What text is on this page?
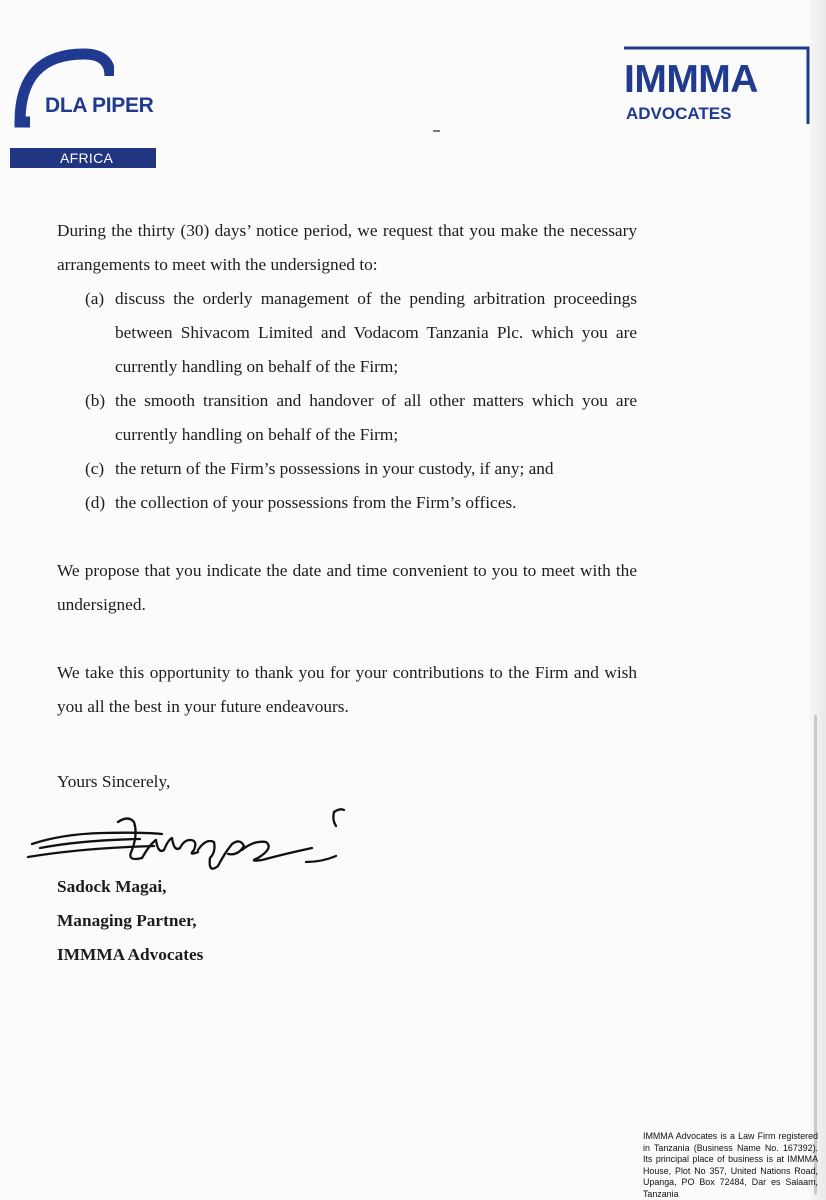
DLA PIPER
AFRICA
IMMMA
ADVOCATES

During the thirty (30) days’ notice period, we request that you make the necessary arrangements to meet with the undersigned to:

(a) discuss the orderly management of the pending arbitration proceedings between Shivacom Limited and Vodacom Tanzania Plc. which you are currently handling on behalf of the Firm;
(b) the smooth transition and handover of all other matters which you are currently handling on behalf of the Firm;
(c) the return of the Firm’s possessions in your custody, if any; and
(d) the collection of your possessions from the Firm’s offices.

We propose that you indicate the date and time convenient to you to meet with the undersigned.

We take this opportunity to thank you for your contributions to the Firm and wish you all the best in your future endeavours.

Yours Sincerely,
Sadock Magai,
Managing Partner,
IMMMA Advocates
IMMMA Advocates is a Law Firm registered in Tanzania (Business Name No. 167392). Its principal place of business is at IMMMA House, Plot No 357, United Nations Road, Upanga, PO Box 72484, Dar es Salaam, Tanzania
